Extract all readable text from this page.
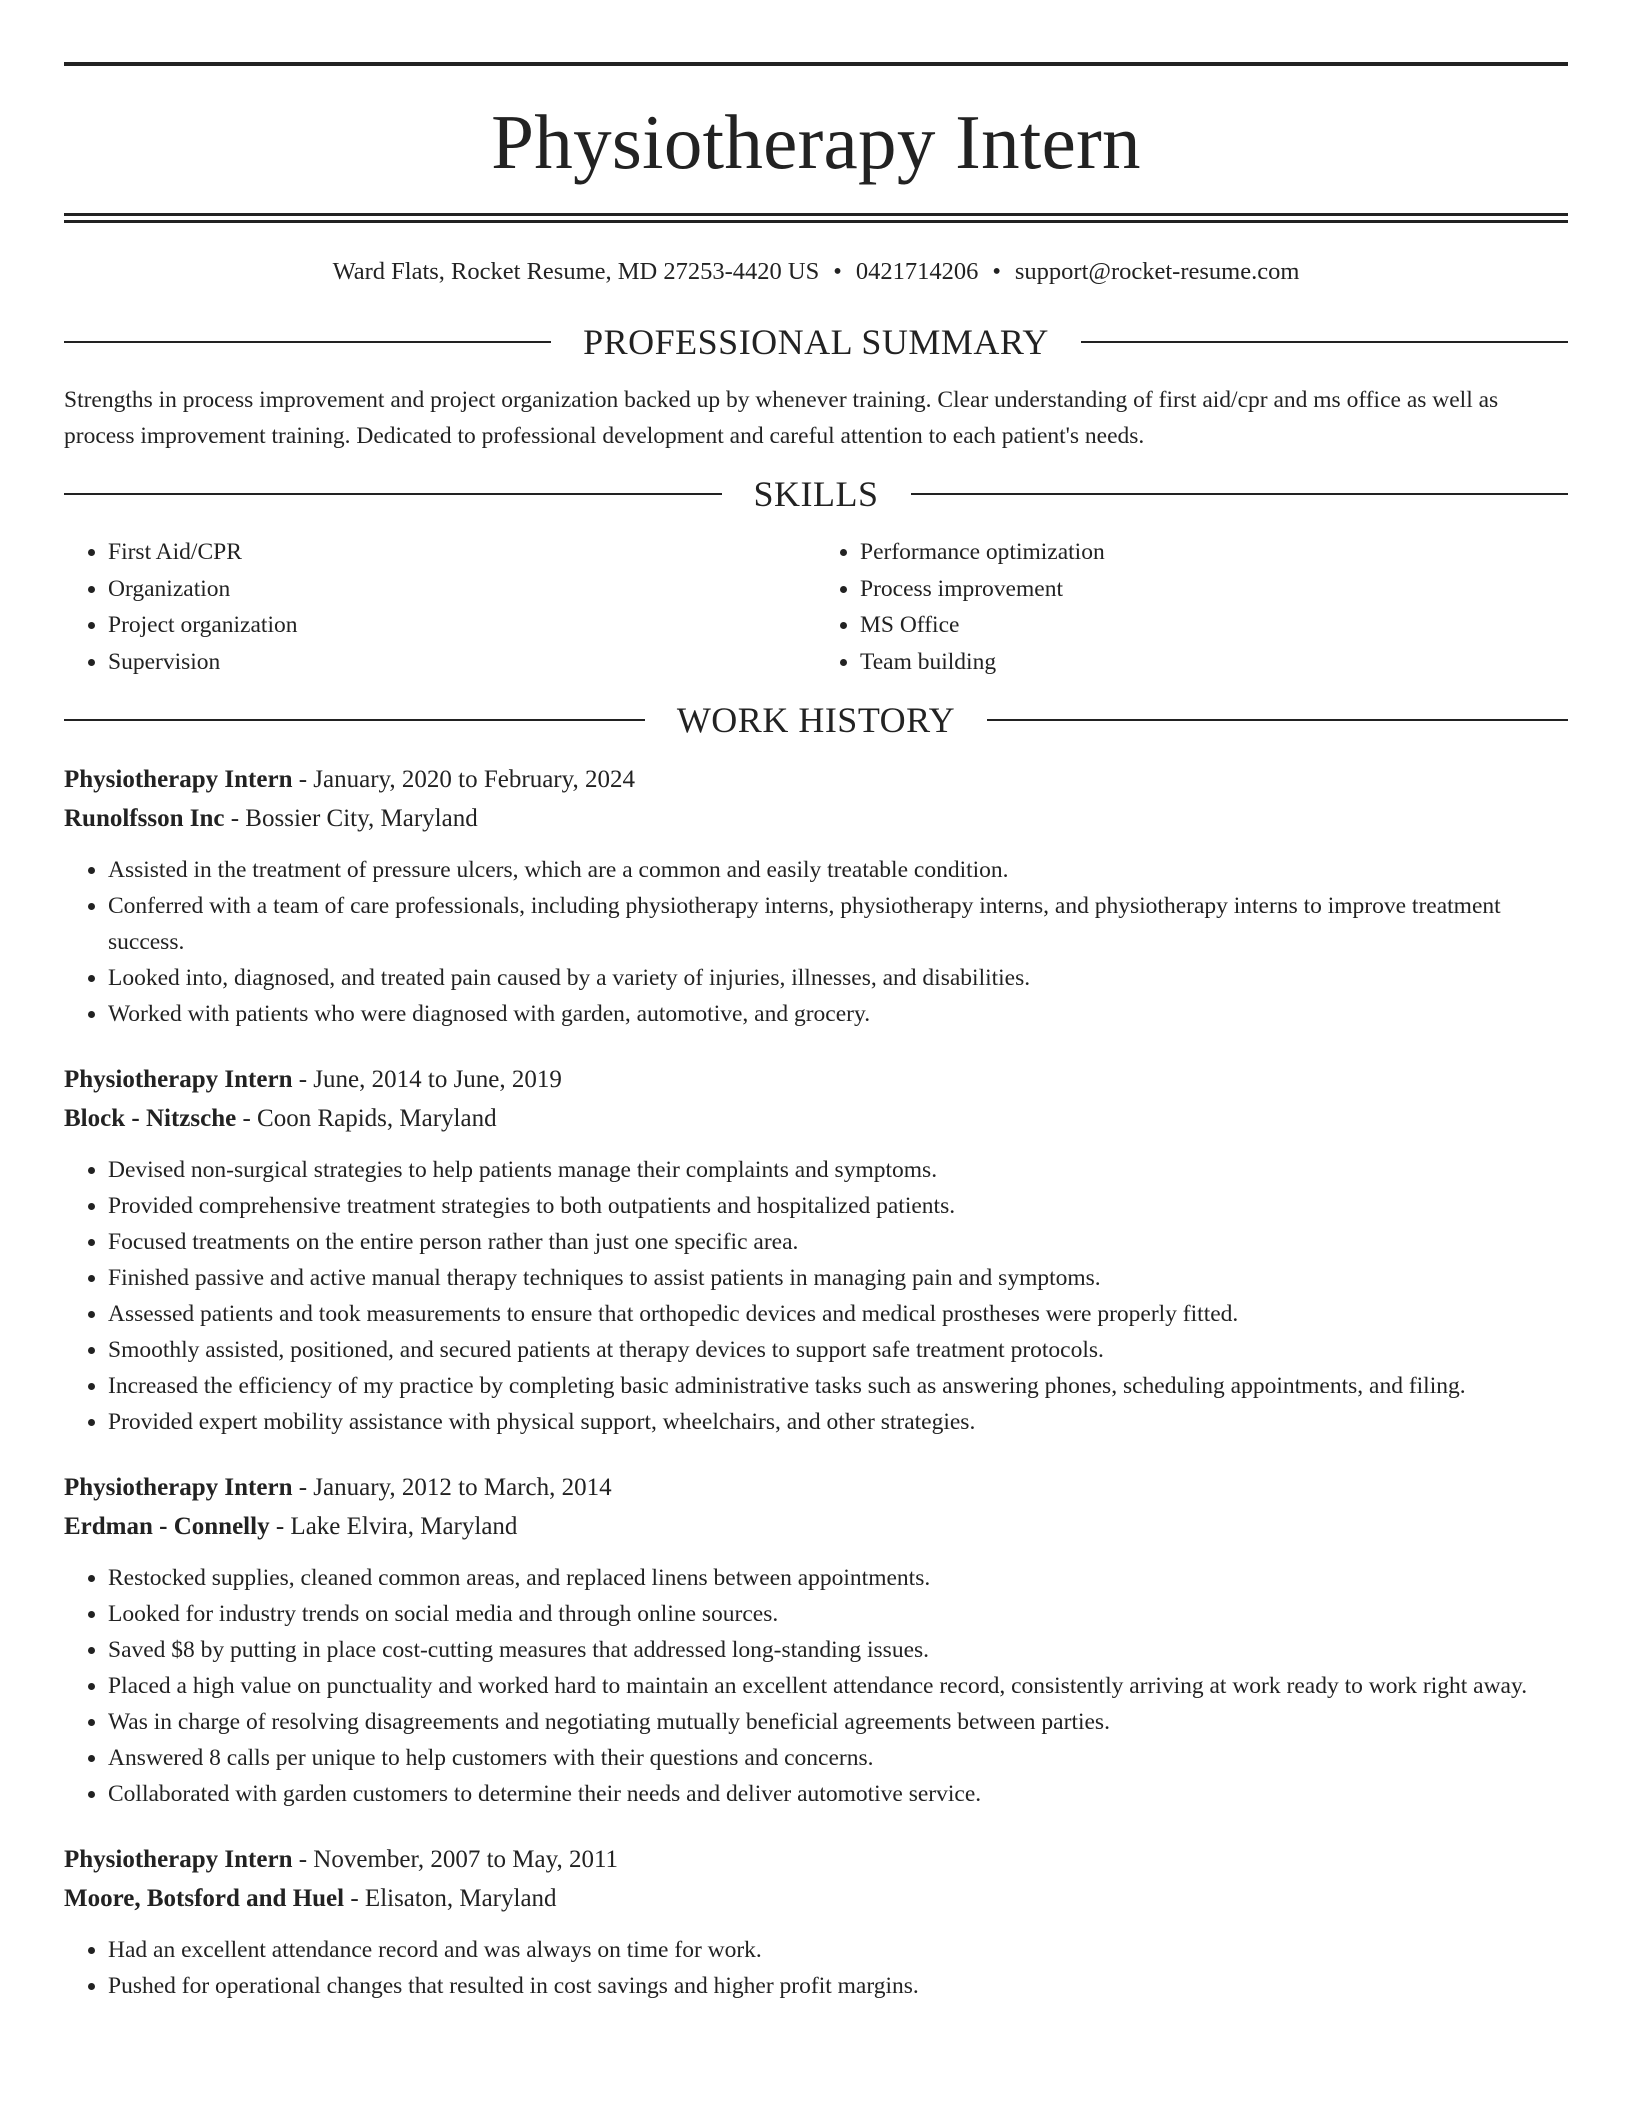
Physiotherapy Intern
Ward Flats, Rocket Resume, MD 27253-4420 US • 0421714206 • support@rocket-resume.com
PROFESSIONAL SUMMARY
Strengths in process improvement and project organization backed up by whenever training. Clear understanding of first aid/cpr and ms office as well as process improvement training. Dedicated to professional development and careful attention to each patient's needs.
SKILLS
• First Aid/CPR
• Organization
• Project organization
• Supervision
• Performance optimization
• Process improvement
• MS Office
• Team building
WORK HISTORY
Physiotherapy Intern - January, 2020 to February, 2024
Runolfsson Inc - Bossier City, Maryland
• Assisted in the treatment of pressure ulcers, which are a common and easily treatable condition.
• Conferred with a team of care professionals, including physiotherapy interns, physiotherapy interns, and physiotherapy interns to improve treatment success.
• Looked into, diagnosed, and treated pain caused by a variety of injuries, illnesses, and disabilities.
• Worked with patients who were diagnosed with garden, automotive, and grocery.
Physiotherapy Intern - June, 2014 to June, 2019
Block - Nitzsche - Coon Rapids, Maryland
• Devised non-surgical strategies to help patients manage their complaints and symptoms.
• Provided comprehensive treatment strategies to both outpatients and hospitalized patients.
• Focused treatments on the entire person rather than just one specific area.
• Finished passive and active manual therapy techniques to assist patients in managing pain and symptoms.
• Assessed patients and took measurements to ensure that orthopedic devices and medical prostheses were properly fitted.
• Smoothly assisted, positioned, and secured patients at therapy devices to support safe treatment protocols.
• Increased the efficiency of my practice by completing basic administrative tasks such as answering phones, scheduling appointments, and filing.
• Provided expert mobility assistance with physical support, wheelchairs, and other strategies.
Physiotherapy Intern - January, 2012 to March, 2014
Erdman - Connelly - Lake Elvira, Maryland
• Restocked supplies, cleaned common areas, and replaced linens between appointments.
• Looked for industry trends on social media and through online sources.
• Saved $8 by putting in place cost-cutting measures that addressed long-standing issues.
• Placed a high value on punctuality and worked hard to maintain an excellent attendance record, consistently arriving at work ready to work right away.
• Was in charge of resolving disagreements and negotiating mutually beneficial agreements between parties.
• Answered 8 calls per unique to help customers with their questions and concerns.
• Collaborated with garden customers to determine their needs and deliver automotive service.
Physiotherapy Intern - November, 2007 to May, 2011
Moore, Botsford and Huel - Elisaton, Maryland
• Had an excellent attendance record and was always on time for work.
• Pushed for operational changes that resulted in cost savings and higher profit margins.
